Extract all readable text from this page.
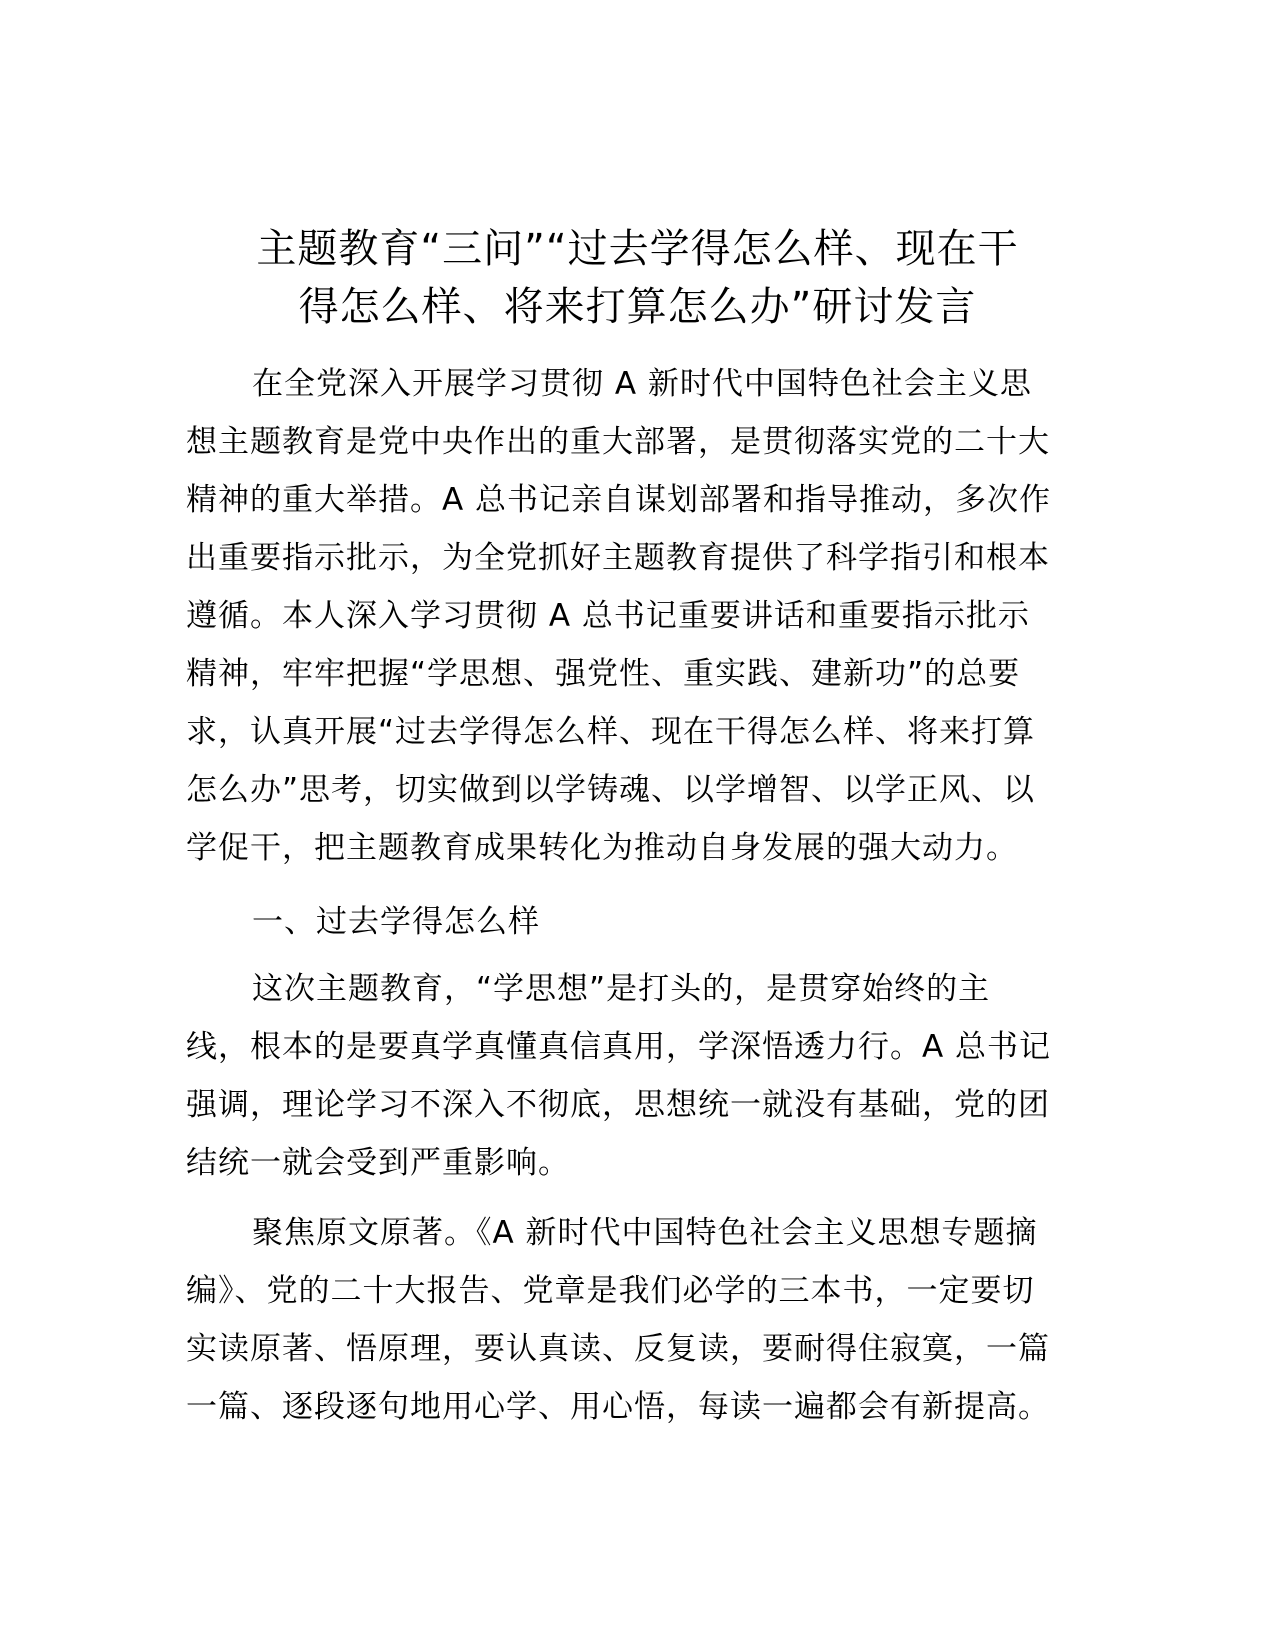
主题教育“三问”“过去学得怎么样、现在干
得怎么样、将来打算怎么办”研讨发言
在全党深入开展学习贯彻 A 新时代中国特色社会主义思
想主题教育是党中央作出的重大部署，是贯彻落实党的二十大
精神的重大举措。A 总书记亲自谋划部署和指导推动，多次作
出重要指示批示，为全党抓好主题教育提供了科学指引和根本
遵循。本人深入学习贯彻 A 总书记重要讲话和重要指示批示
精神，牢牢把握“学思想、强党性、重实践、建新功”的总要
求，认真开展“过去学得怎么样、现在干得怎么样、将来打算
怎么办”思考，切实做到以学铸魂、以学增智、以学正风、以
学促干，把主题教育成果转化为推动自身发展的强大动力。
一、过去学得怎么样
这次主题教育，“学思想”是打头的，是贯穿始终的主
线，根本的是要真学真懂真信真用，学深悟透力行。A 总书记
强调，理论学习不深入不彻底，思想统一就没有基础，党的团
结统一就会受到严重影响。
聚焦原文原著。《A 新时代中国特色社会主义思想专题摘
编》、党的二十大报告、党章是我们必学的三本书，一定要切
实读原著、悟原理，要认真读、反复读，要耐得住寂寞，一篇
一篇、逐段逐句地用心学、用心悟，每读一遍都会有新提高。
